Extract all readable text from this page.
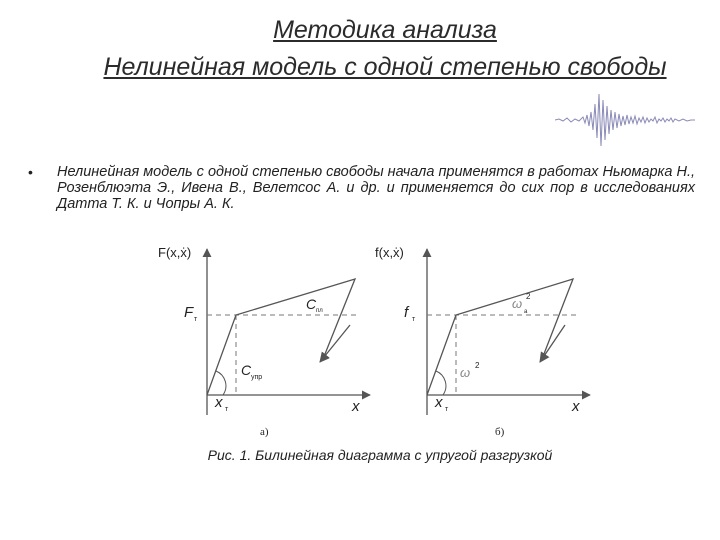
Методика анализа
Нелинейная модель с одной степенью свободы
• Нелинейная модель с одной степенью свободы начала применятся в работах Ньюмарка Н., Розенблюэта Э., Ивена В., Велетсос А. и др. и применяется до сих пор в исследованиях Датта Т. К. и Чопры А. К.
F(x,ẋ)
x
F т
x т
C упр
C пл
а)
f(x,ẋ)
x
f т
x т
ω 2
ω 2
а
б)
Рис. 1. Билинейная диаграмма с упругой разгрузкой
